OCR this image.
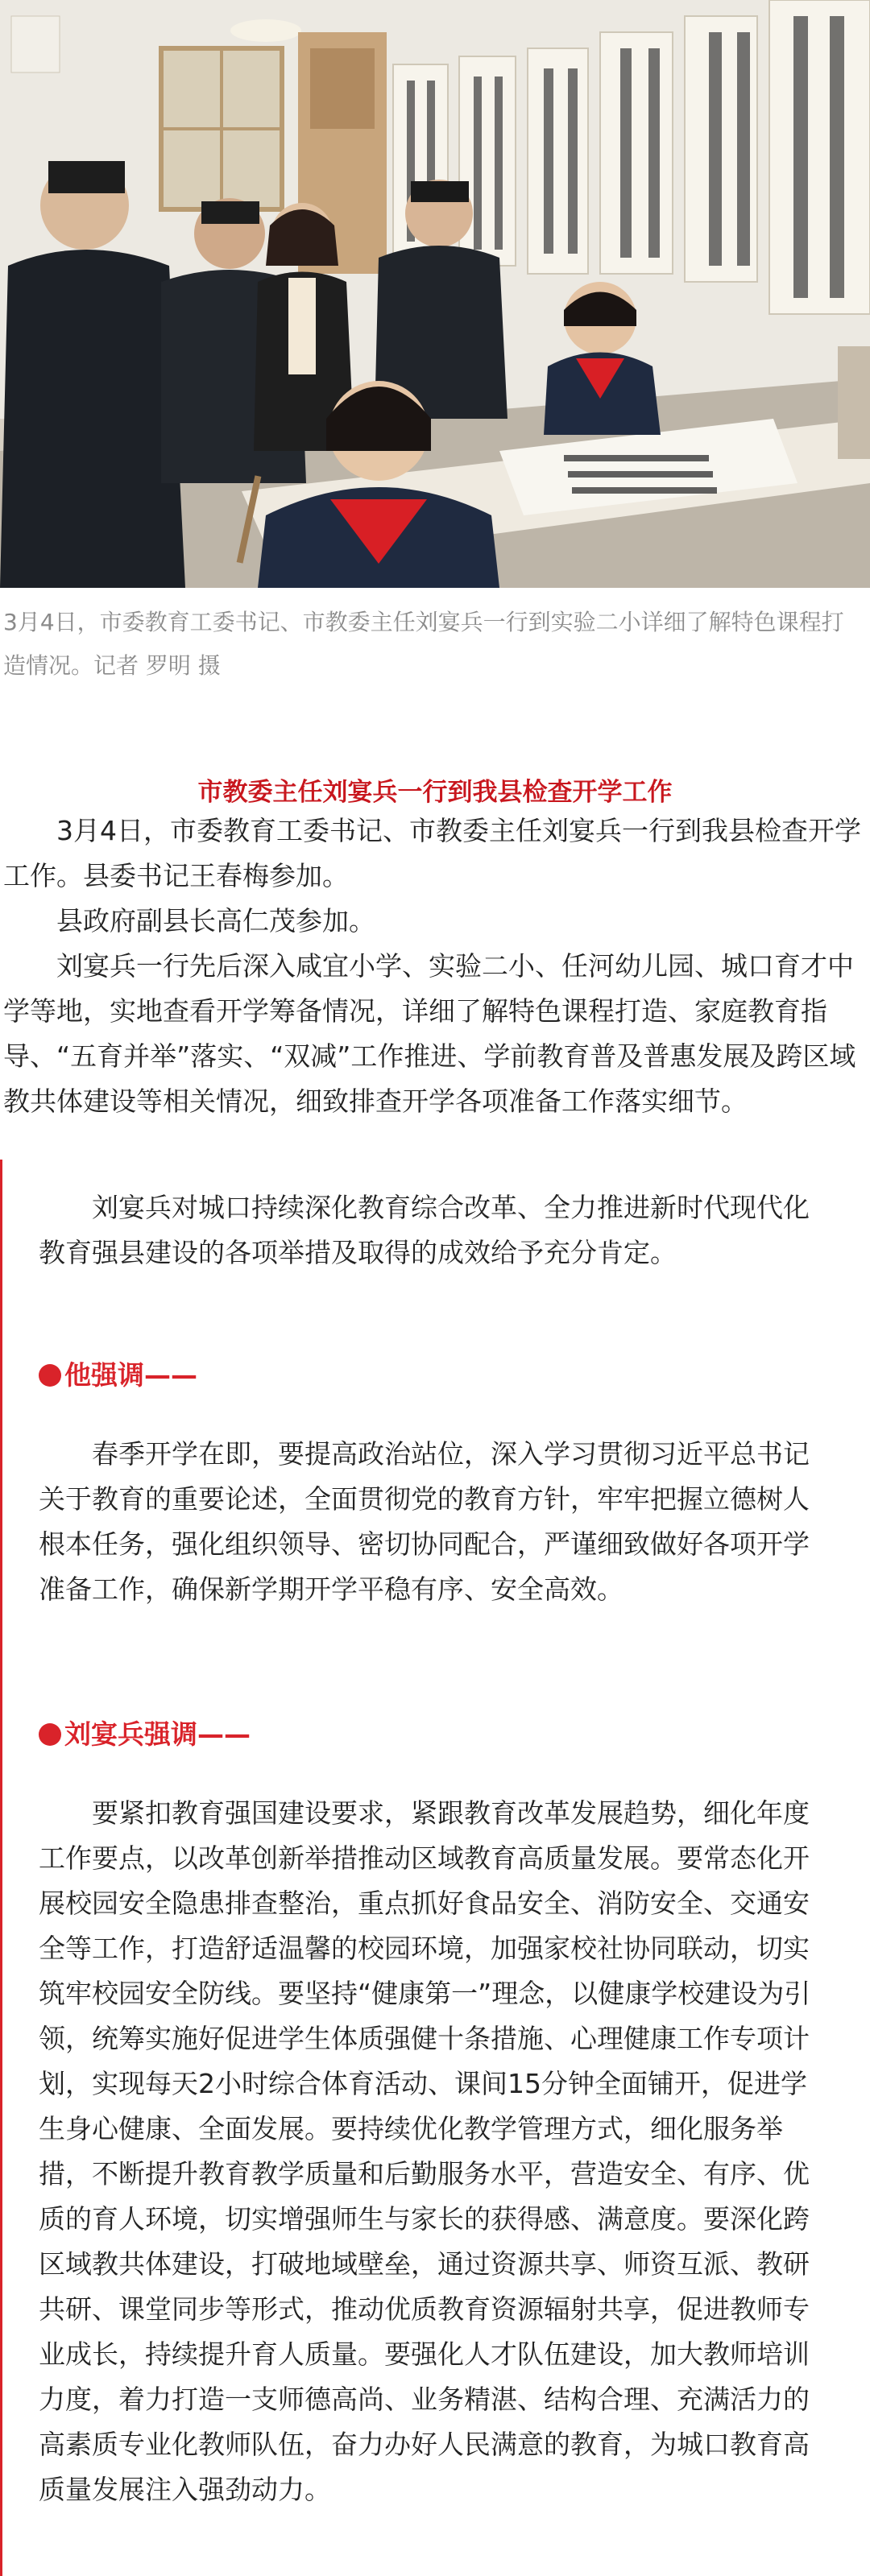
3月4日，市委教育工委书记、市教委主任刘宴兵一行到实验二小详细了解特色课程打造情况。记者 罗明 摄
市教委主任刘宴兵一行到我县检查开学工作

3月4日，市委教育工委书记、市教委主任刘宴兵一行到我县检查开学工作。县委书记王春梅参加。

县政府副县长高仁茂参加。

刘宴兵一行先后深入咸宜小学、实验二小、任河幼儿园、城口育才中学等地，实地查看开学筹备情况，详细了解特色课程打造、家庭教育指导、“五育并举”落实、“双减”工作推进、学前教育普及普惠发展及跨区域教共体建设等相关情况，细致排查开学各项准备工作落实细节。

刘宴兵对城口持续深化教育综合改革、全力推进新时代现代化教育强县建设的各项举措及取得的成效给予充分肯定。

他强调——

春季开学在即，要提高政治站位，深入学习贯彻习近平总书记关于教育的重要论述，全面贯彻党的教育方针，牢牢把握立德树人根本任务，强化组织领导、密切协同配合，严谨细致做好各项开学准备工作，确保新学期开学平稳有序、安全高效。

刘宴兵强调——

要紧扣教育强国建设要求，紧跟教育改革发展趋势，细化年度工作要点，以改革创新举措推动区域教育高质量发展。要常态化开展校园安全隐患排查整治，重点抓好食品安全、消防安全、交通安全等工作，打造舒适温馨的校园环境，加强家校社协同联动，切实筑牢校园安全防线。要坚持“健康第一”理念，以健康学校建设为引领，统筹实施好促进学生体质强健十条措施、心理健康工作专项计划，实现每天2小时综合体育活动、课间15分钟全面铺开，促进学生身心健康、全面发展。要持续优化教学管理方式，细化服务举措，不断提升教育教学质量和后勤服务水平，营造安全、有序、优质的育人环境，切实增强师生与家长的获得感、满意度。要深化跨区域教共体建设，打破地域壁垒，通过资源共享、师资互派、教研共研、课堂同步等形式，推动优质教育资源辐射共享，促进教师专业成长，持续提升育人质量。要强化人才队伍建设，加大教师培训力度，着力打造一支师德高尚、业务精湛、结构合理、充满活力的高素质专业化教师队伍，奋力办好人民满意的教育，为城口教育高质量发展注入强劲动力。
